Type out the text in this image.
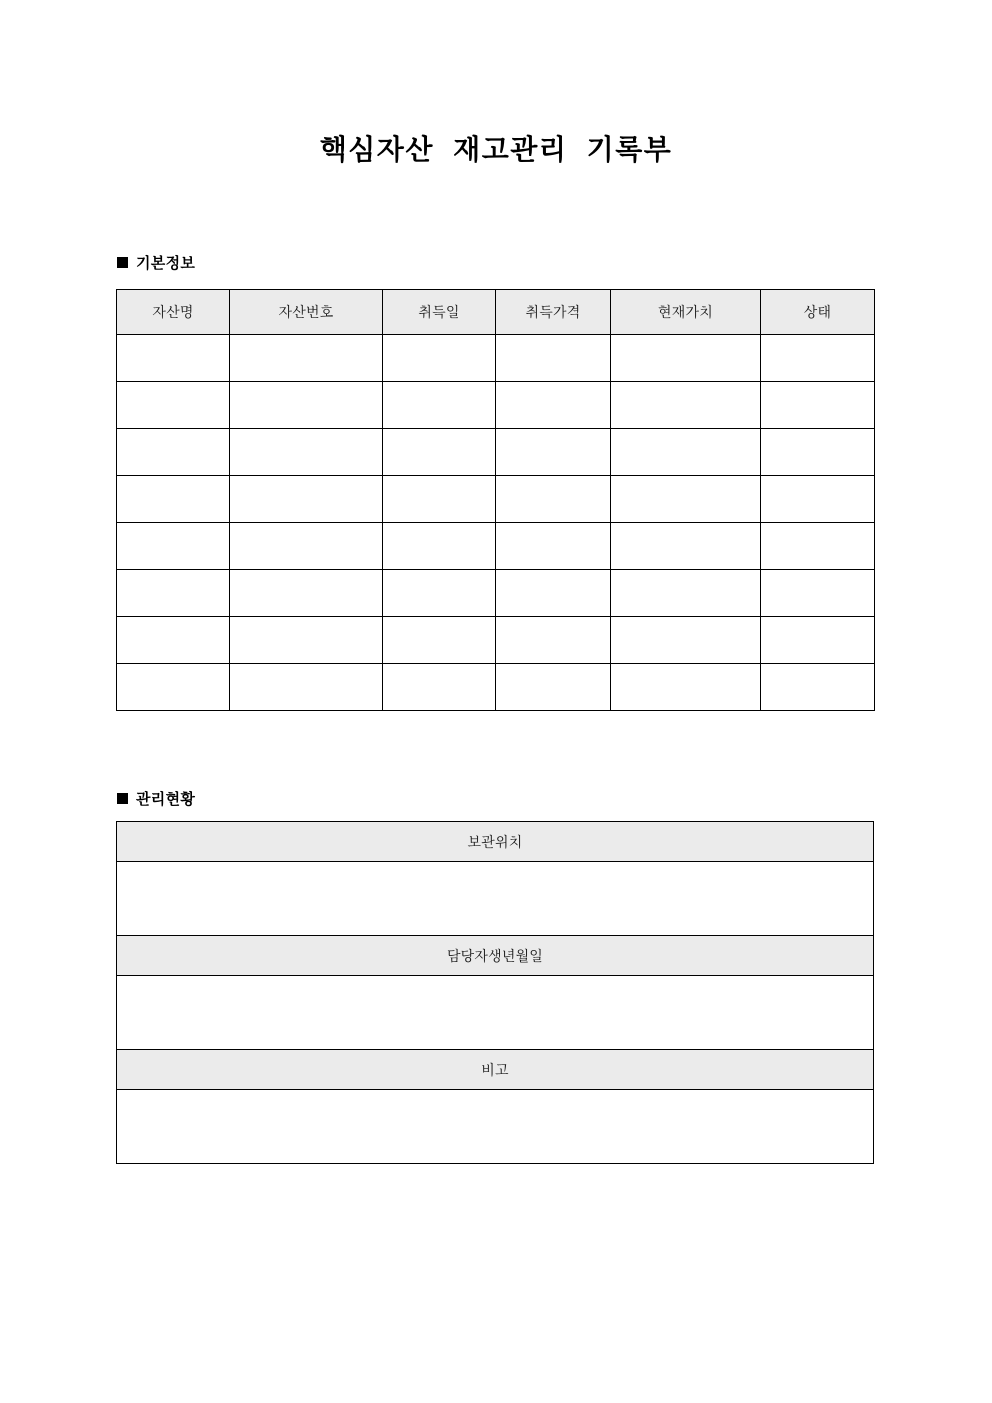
핵심자산 재고관리 기록부
기본정보
자산명	자산번호	취득일	취득가격	현재가치	상태

관리현황
보관위치

담당자생년월일

비고
